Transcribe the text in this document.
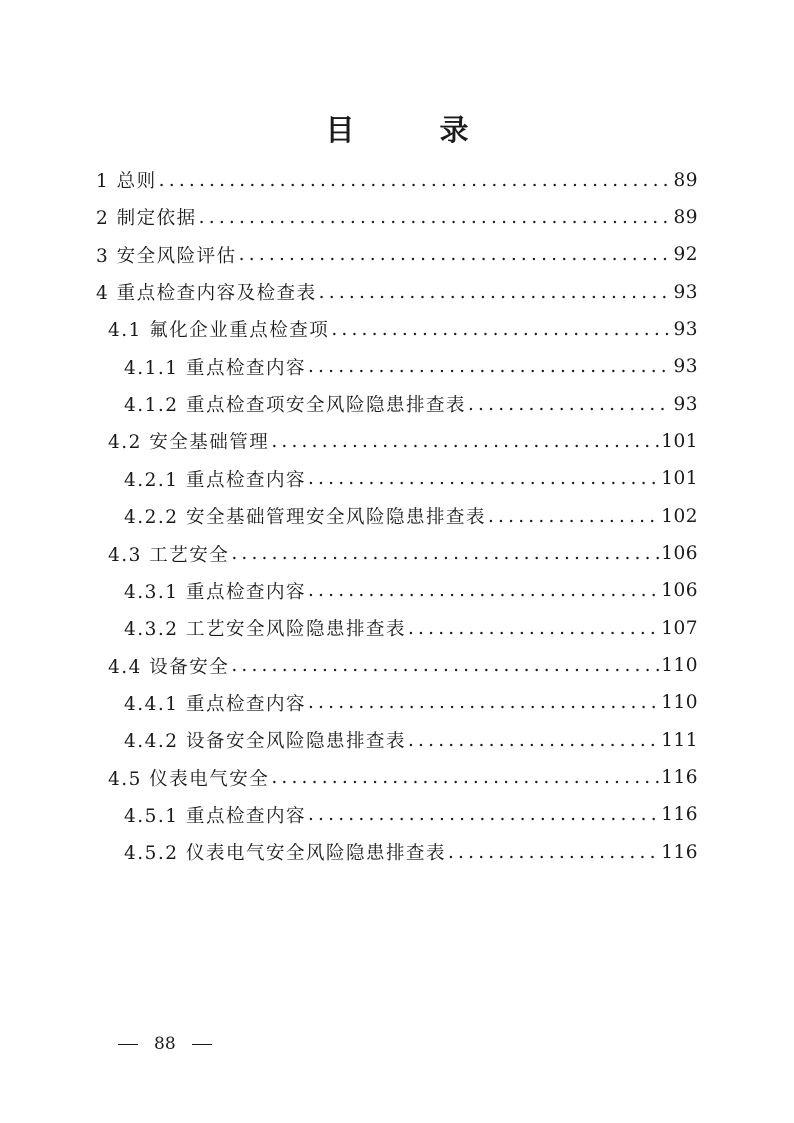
目　录
1 总则 .....	89
2 制定依据 .....	89
3 安全风险评估 .....	92
4 重点检查内容及检查表 .....	93
4.1 氟化企业重点检查项 .....	93
4.1.1 重点检查内容 .....	93
4.1.2 重点检查项安全风险隐患排查表 .....	93
4.2 安全基础管理 .....	101
4.2.1 重点检查内容 .....	101
4.2.2 安全基础管理安全风险隐患排查表 .....	102
4.3 工艺安全 .....	106
4.3.1 重点检查内容 .....	106
4.3.2 工艺安全风险隐患排查表 .....	107
4.4 设备安全 .....	110
4.4.1 重点检查内容 .....	110
4.4.2 设备安全风险隐患排查表 .....	111
4.5 仪表电气安全 .....	116
4.5.1 重点检查内容 .....	116
4.5.2 仪表电气安全风险隐患排查表 .....	116
88
